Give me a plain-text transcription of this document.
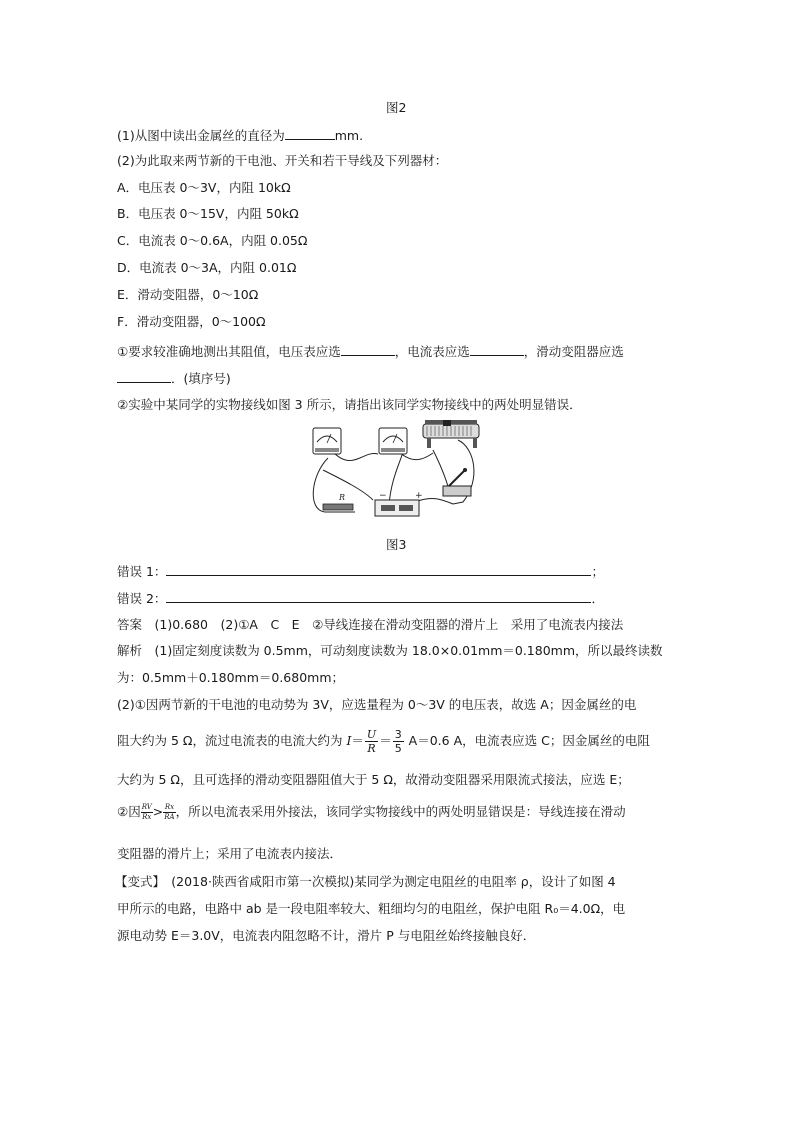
图2
(1)从图中读出金属丝的直径为	mm.
(2)为此取来两节新的干电池、开关和若干导线及下列器材：
A．电压表 0～3V，内阻 10kΩ
B．电压表 0～15V，内阻 50kΩ
C．电流表 0～0.6A，内阻 0.05Ω
D．电流表 0～3A，内阻 0.01Ω
E．滑动变阻器，0～10Ω
F．滑动变阻器，0～100Ω
①要求较准确地测出其阻值，电压表应选	，电流表应选	，滑动变阻器应选
．(填序号)
②实验中某同学的实物接线如图 3 所示，请指出该同学实物接线中的两处明显错误．
R	−	+
图3
错误 1：	；
错误 2：	．
答案　(1)0.680　(2)①A　C　E　②导线连接在滑动变阻器的滑片上　采用了电流表内接法
解析　(1)固定刻度读数为 0.5mm，可动刻度读数为 18.0×0.01mm＝0.180mm，所以最终读数
为：0.5mm＋0.180mm＝0.680mm；
(2)①因两节新的干电池的电动势为 3V，应选量程为 0～3V 的电压表，故选 A；因金属丝的电
阻大约为 5 Ω，流过电流表的电流大约为 $I= \frac{U}{R} = \frac{3}{5} A=0.6$ A，电流表应选 C；因金属丝的电阻
大约为 5 Ω，且可选择的滑动变阻器阻值大于 5 Ω，故滑动变阻器采用限流式接法，应选 E；
②因 $\frac{RV}{Rx} > \frac{Rx}{RA}$ ，所以电流表采用外接法，该同学实物接线中的两处明显错误是：导线连接在滑动
变阻器的滑片上；采用了电流表内接法．
【变式】　(2018·陕西省咸阳市第一次模拟)某同学为测定电阻丝的电阻率 ρ，设计了如图 4
甲所示的电路，电路中 ab 是一段电阻率较大、粗细均匀的电阻丝，保护电阻 R₀＝4.0Ω，电
源电动势 E＝3.0V，电流表内阻忽略不计，滑片 P 与电阻丝始终接触良好．
